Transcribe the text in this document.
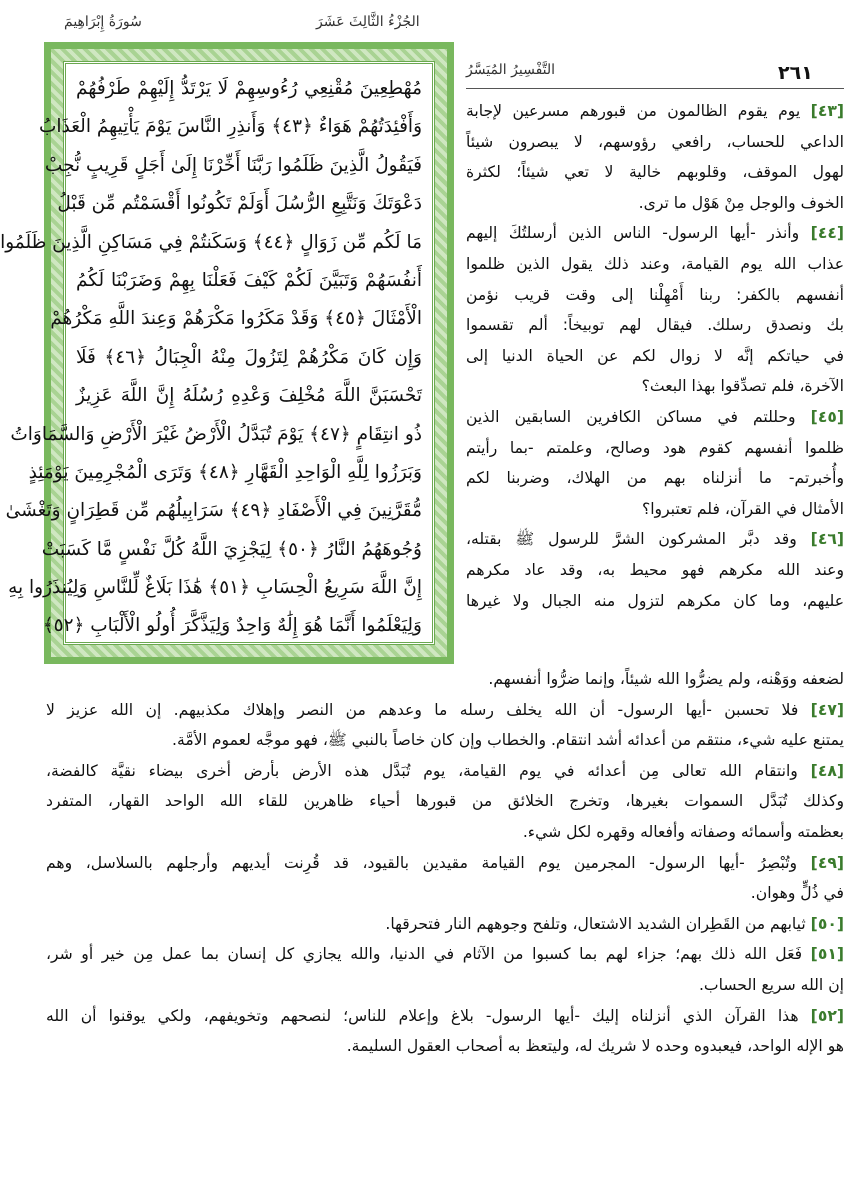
سُورَةُ إِبْرَاهِيمَ	الجُزْءُ الثَّالِثَ عَشَرَ
التَّفْسِيرُ المُيَسَّرُ	٢٦١
مُهْطِعِينَ مُقْنِعِي رُءُوسِهِمْ لَا يَرْتَدُّ إِلَيْهِمْ طَرْفُهُمْ
وَأَفْئِدَتُهُمْ هَوَاءٌ ﴿٤٣﴾ وَأَنذِرِ النَّاسَ يَوْمَ يَأْتِيهِمُ الْعَذَابُ
فَيَقُولُ الَّذِينَ ظَلَمُوا رَبَّنَا أَخِّرْنَا إِلَىٰ أَجَلٍ قَرِيبٍ نُّجِبْ
دَعْوَتَكَ وَنَتَّبِعِ الرُّسُلَ أَوَلَمْ تَكُونُوا أَقْسَمْتُم مِّن قَبْلُ
مَا لَكُم مِّن زَوَالٍ ﴿٤٤﴾ وَسَكَنتُمْ فِي مَسَاكِنِ الَّذِينَ ظَلَمُوا
أَنفُسَهُمْ وَتَبَيَّنَ لَكُمْ كَيْفَ فَعَلْنَا بِهِمْ وَضَرَبْنَا لَكُمُ
الْأَمْثَالَ ﴿٤٥﴾ وَقَدْ مَكَرُوا مَكْرَهُمْ وَعِندَ اللَّهِ مَكْرُهُمْ
وَإِن كَانَ مَكْرُهُمْ لِتَزُولَ مِنْهُ الْجِبَالُ ﴿٤٦﴾ فَلَا
تَحْسَبَنَّ اللَّهَ مُخْلِفَ وَعْدِهِ رُسُلَهُ إِنَّ اللَّهَ عَزِيزٌ
ذُو انتِقَامٍ ﴿٤٧﴾ يَوْمَ تُبَدَّلُ الْأَرْضُ غَيْرَ الْأَرْضِ وَالسَّمَاوَاتُ
وَبَرَزُوا لِلَّهِ الْوَاحِدِ الْقَهَّارِ ﴿٤٨﴾ وَتَرَى الْمُجْرِمِينَ يَوْمَئِذٍ
مُّقَرَّنِينَ فِي الْأَصْفَادِ ﴿٤٩﴾ سَرَابِيلُهُم مِّن قَطِرَانٍ وَتَغْشَىٰ
وُجُوهَهُمُ النَّارُ ﴿٥٠﴾ لِيَجْزِيَ اللَّهُ كُلَّ نَفْسٍ مَّا كَسَبَتْ
إِنَّ اللَّهَ سَرِيعُ الْحِسَابِ ﴿٥١﴾ هَٰذَا بَلَاغٌ لِّلنَّاسِ وَلِيُنذَرُوا بِهِ
وَلِيَعْلَمُوا أَنَّمَا هُوَ إِلَٰهٌ وَاحِدٌ وَلِيَذَّكَّرَ أُولُو الْأَلْبَابِ ﴿٥٢﴾
[٤٣] يوم يقوم الظالمون من قبورهم مسرعين لإجابة
الداعي للحساب، رافعي رؤوسهم، لا يبصرون شيئاً
لهول الموقف، وقلوبهم خالية لا تعي شيئاً؛ لكثرة
الخوف والوجل مِنْ هَوْل ما ترى.
[٤٤] وأنذر -أيها الرسول- الناس الذين أرسلتُكَ إليهم
عذاب الله يوم القيامة، وعند ذلك يقول الذين ظلموا
أنفسهم بالكفر: ربنا أَمْهِلْنا إلى وقت قريب نؤمن
بك ونصدق رسلك. فيقال لهم توبيخاً: ألم تقسموا
في حياتكم إنَّه لا زوال لكم عن الحياة الدنيا إلى
الآخرة، فلم تصدِّقوا بهذا البعث؟
[٤٥] وحللتم في مساكن الكافرين السابقين الذين
ظلموا أنفسهم كقوم هود وصالح، وعلمتم -بما رأيتم
وأُخبرتم- ما أنزلناه بهم من الهلاك، وضربنا لكم
الأمثال في القرآن، فلم تعتبروا؟
[٤٦] وقد دبَّر المشركون الشرَّ للرسول ﷺ بقتله،
وعند الله مكرهم فهو محيط به، وقد عاد مكرهم
عليهم، وما كان مكرهم لتزول منه الجبال ولا غيرها
لضعفه ووَهْنه، ولم يضرُّوا الله شيئاً، وإنما ضرُّوا أنفسهم.
[٤٧] فلا تحسبن -أيها الرسول- أن الله يخلف رسله ما وعدهم من النصر وإهلاك مكذبيهم. إن الله عزيز لا
يمتنع عليه شيء، منتقم من أعدائه أشد انتقام. والخطاب وإن كان خاصاً بالنبي ﷺ، فهو موجَّه لعموم الأمَّة.
[٤٨] وانتقام الله تعالى مِن أعدائه في يوم القيامة، يوم تُبَدَّل هذه الأرض بأرض أخرى بيضاء نقيَّة كالفضة،
وكذلك تُبَدَّل السموات بغيرها، وتخرج الخلائق من قبورها أحياء ظاهرين للقاء الله الواحد القهار، المتفرد
بعظمته وأسمائه وصفاته وأفعاله وقهره لكل شيء.
[٤٩] وتُبْصِرُ -أيها الرسول- المجرمين يوم القيامة مقيدين بالقيود، قد قُرِنت أيديهم وأرجلهم بالسلاسل، وهم
في ذُلٍّ وهوان.
[٥٠] ثيابهم من القَطِران الشديد الاشتعال، وتلفح وجوههم النار فتحرقها.
[٥١] فَعَل الله ذلك بهم؛ جزاء لهم بما كسبوا من الآثام في الدنيا، والله يجازي كل إنسان بما عمل مِن خير أو شر،
إن الله سريع الحساب.
[٥٢] هذا القرآن الذي أنزلناه إليك -أيها الرسول- بلاغ وإعلام للناس؛ لنصحهم وتخويفهم، ولكي يوقنوا أن الله
هو الإله الواحد، فيعبدوه وحده لا شريك له، وليتعظ به أصحاب العقول السليمة.
